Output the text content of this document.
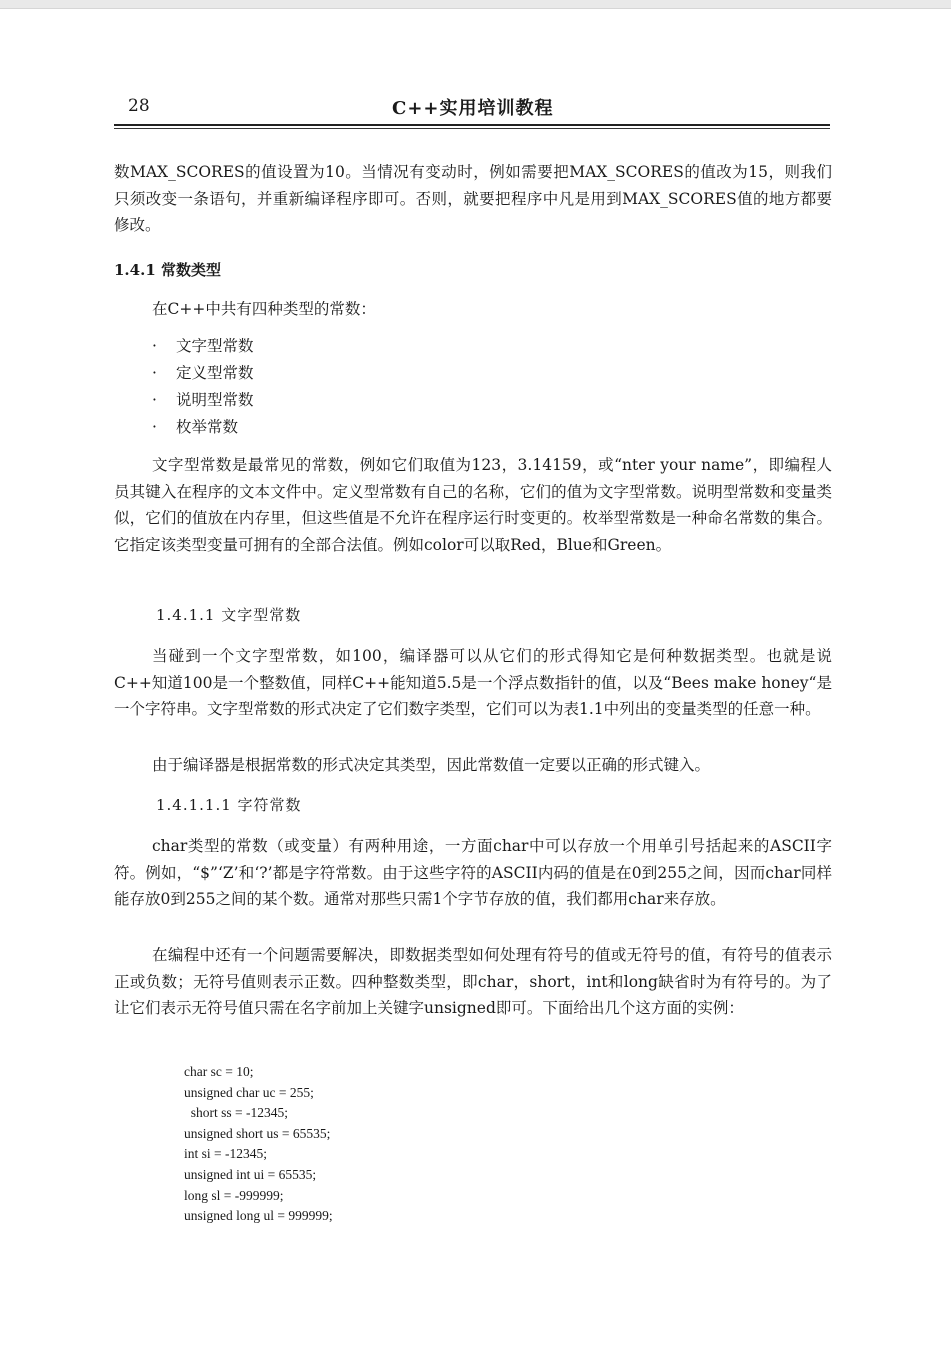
28	C++实用培训教程

数MAX_SCORES的值设置为10。当情况有变动时，例如需要把MAX_SCORES的值改为15，则我们只须改变一条语句，并重新编译程序即可。否则，就要把程序中凡是用到MAX_SCORES值的地方都要修改。

1.4.1 常数类型

在C++中共有四种类型的常数：

· 文字型常数
· 定义型常数
· 说明型常数
· 枚举常数

文字型常数是最常见的常数，例如它们取值为123，3.14159，或“nter your name”，即编程人员其键入在程序的文本文件中。定义型常数有自己的名称，它们的值为文字型常数。说明型常数和变量类似，它们的值放在内存里，但这些值是不允许在程序运行时变更的。枚举型常数是一种命名常数的集合。它指定该类型变量可拥有的全部合法值。例如color可以取Red，Blue和Green。

1.4.1.1 文字型常数

当碰到一个文字型常数，如100，编译器可以从它们的形式得知它是何种数据类型。也就是说C++知道100是一个整数值，同样C++能知道5.5是一个浮点数指针的值，以及“Bees make honey“是一个字符串。文字型常数的形式决定了它们数字类型，它们可以为表1.1中列出的变量类型的任意一种。

由于编译器是根据常数的形式决定其类型，因此常数值一定要以正确的形式键入。

1.4.1.1.1 字符常数

char类型的常数（或变量）有两种用途，一方面char中可以存放一个用单引号括起来的ASCII字符。例如，“$”‘Z’和‘?’都是字符常数。由于这些字符的ASCII内码的值是在0到255之间，因而char同样能存放0到255之间的某个数。通常对那些只需1个字节存放的值，我们都用char来存放。

在编程中还有一个问题需要解决，即数据类型如何处理有符号的值或无符号的值，有符号的值表示正或负数；无符号值则表示正数。四种整数类型，即char，short，int和long缺省时为有符号的。为了让它们表示无符号值只需在名字前加上关键字unsigned即可。下面给出几个这方面的实例：

char sc = 10;
unsigned char uc = 255;
short ss = -12345;
unsigned short us = 65535;
int si = -12345;
unsigned int ui = 65535;
long sl = -999999;
unsigned long ul = 999999;
